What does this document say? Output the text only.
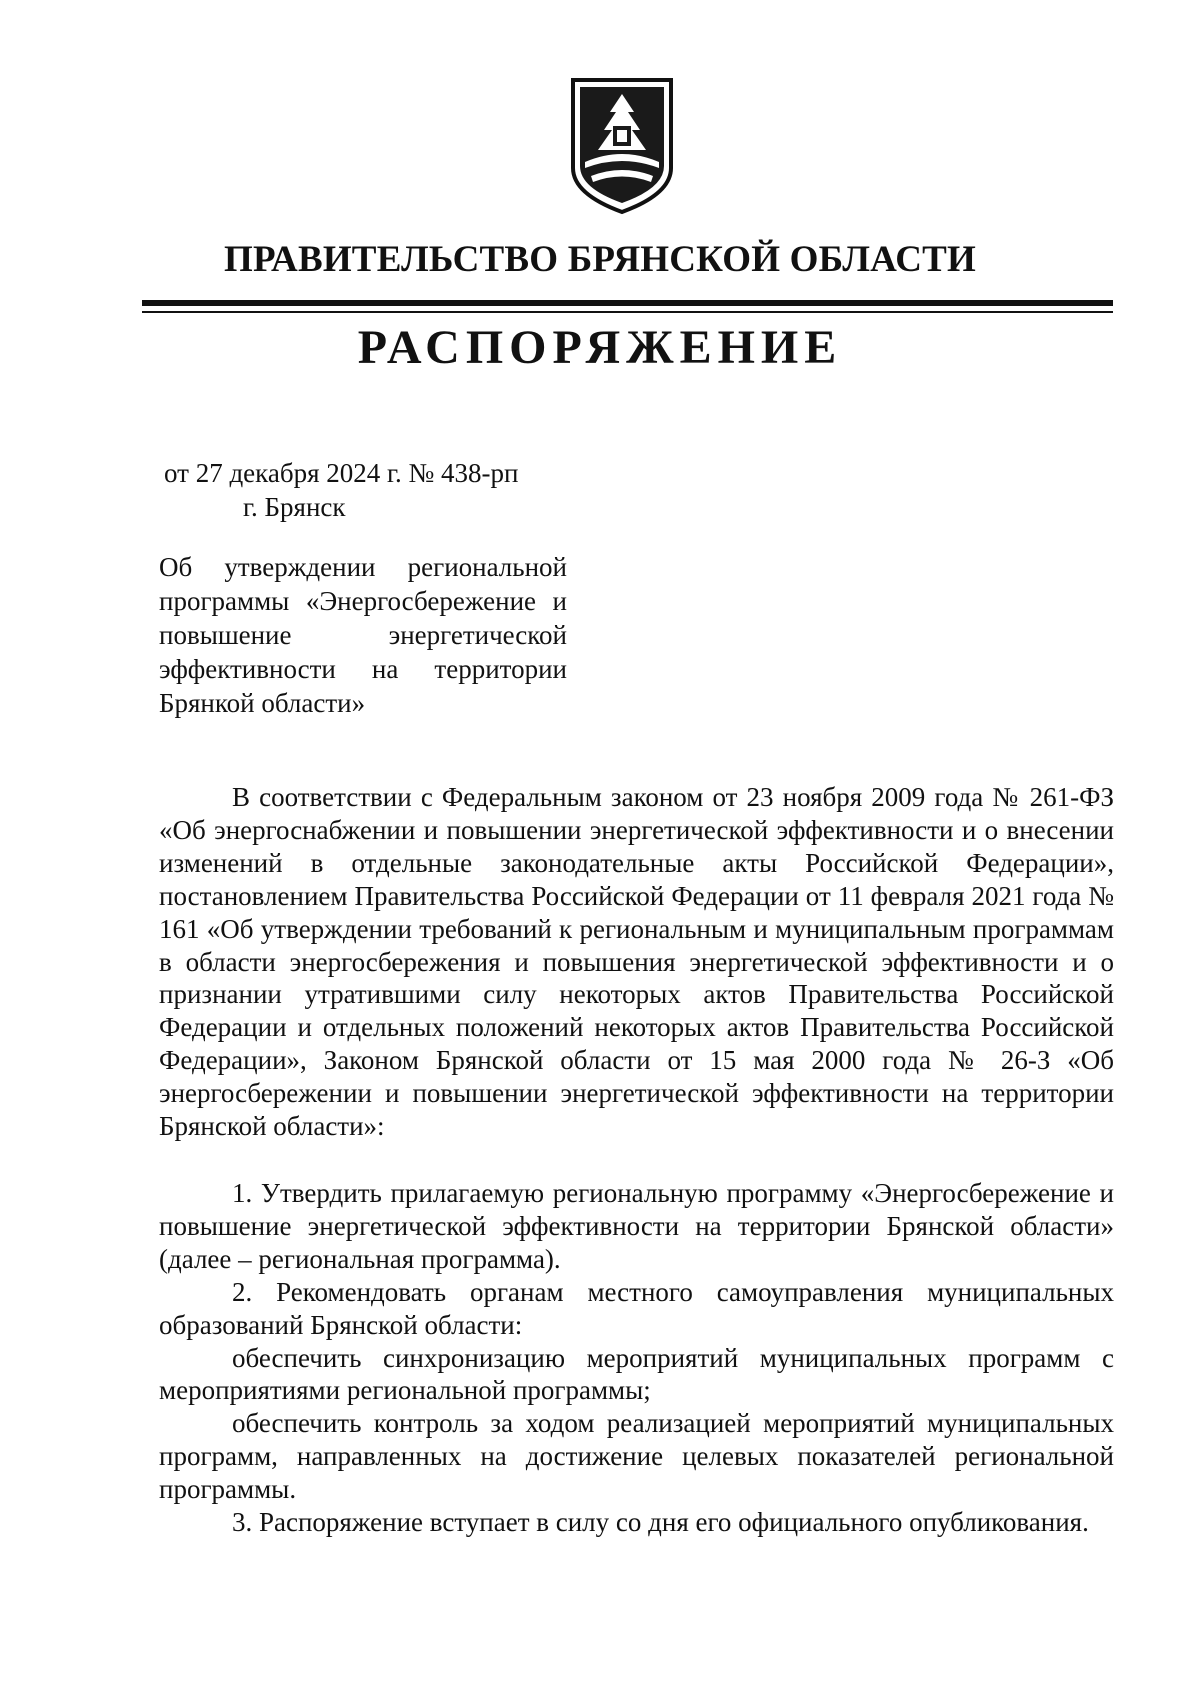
ПРАВИТЕЛЬСТВО БРЯНСКОЙ ОБЛАСТИ
РАСПОРЯЖЕНИЕ
от 27 декабря 2024 г. № 438-рп
г. Брянск

Об утверждении региональной программы «Энергосбережение и повышение энергетической эффективности на территории Брянкой области»

В соответствии с Федеральным законом от 23 ноября 2009 года № 261-ФЗ «Об энергоснабжении и повышении энергетической эффективности и о внесении изменений в отдельные законодательные акты Российской Федерации», постановлением Правительства Российской Федерации от 11 февраля 2021 года № 161 «Об утверждении требований к региональным и муниципальным программам в области энергосбережения и повышения энергетической эффективности и о признании утратившими силу некоторых актов Правительства Российской Федерации и отдельных положений некоторых актов Правительства Российской Федерации», Законом Брянской области от 15 мая 2000 года № 26-З «Об энергосбережении и повышении энергетической эффективности на территории Брянской области»:

1. Утвердить прилагаемую региональную программу «Энергосбережение и повышение энергетической эффективности на территории Брянской области» (далее – региональная программа).

2. Рекомендовать органам местного самоуправления муниципальных образований Брянской области:

обеспечить синхронизацию мероприятий муниципальных программ с мероприятиями региональной программы;

обеспечить контроль за ходом реализацией мероприятий муниципальных программ, направленных на достижение целевых показателей региональной программы.

3. Распоряжение вступает в силу со дня его официального опубликования.
